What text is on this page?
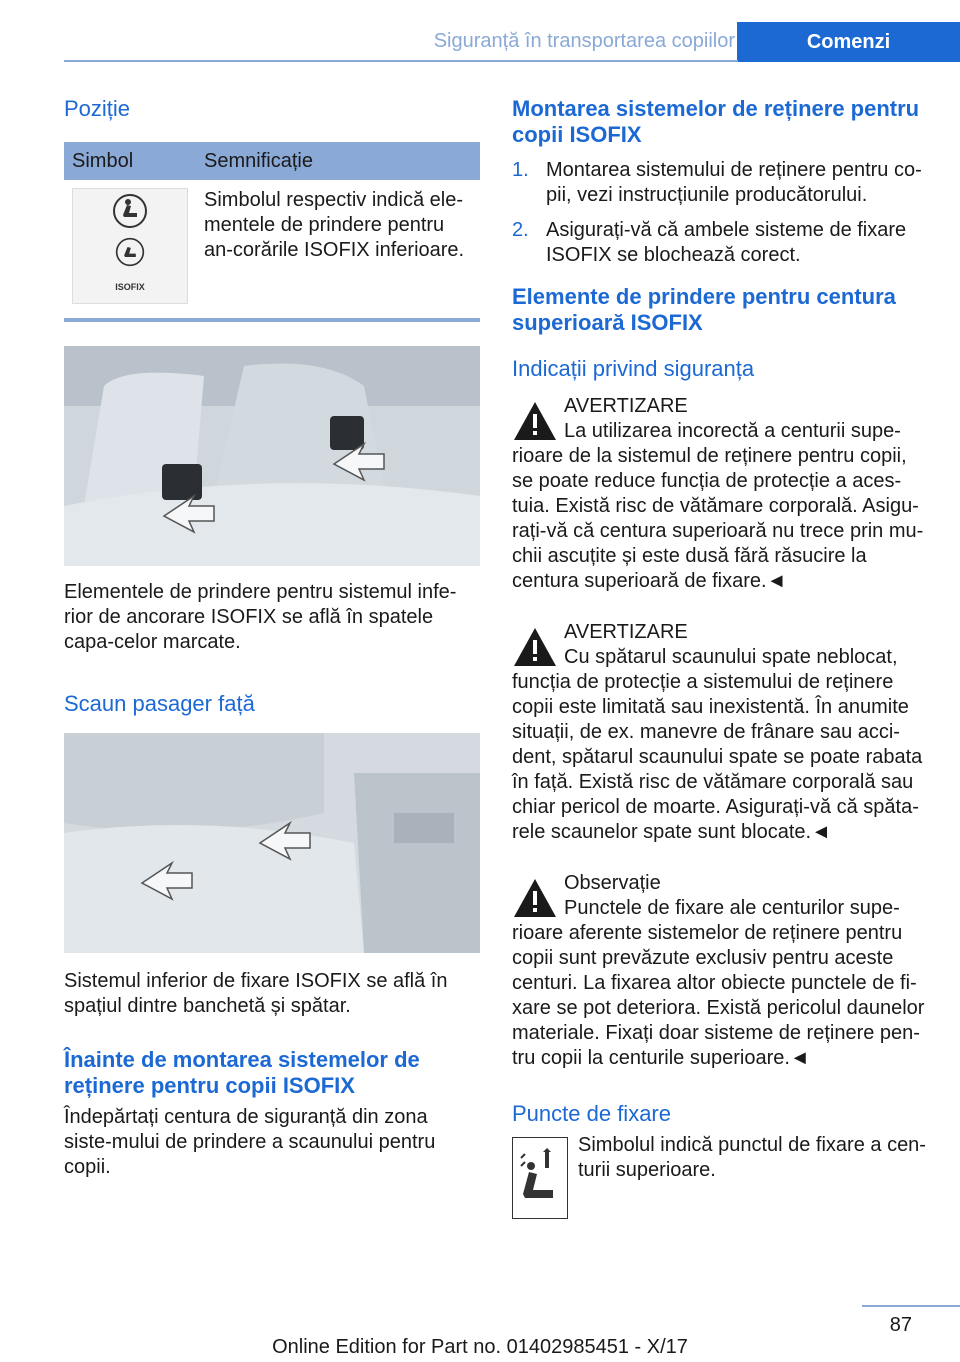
Siguranță în transportarea copiilor	Comenzi
Poziție
Simbol	Semnificație

ISOFIX	Simbolul respectiv indică ele-mentele de prindere pentru an-corările ISOFIX inferioare.

Elementele de prindere pentru sistemul infe-rior de ancorare ISOFIX se află în spatele capa-celor marcate.

Scaun pasager față

Sistemul inferior de fixare ISOFIX se află în spațiul dintre banchetă și spătar.

Înainte de montarea sistemelor de reținere pentru copii ISOFIX

Îndepărtați centura de siguranță din zona siste-mului de prindere a scaunului pentru copii.

Montarea sistemelor de reținere pentru copii ISOFIX
1. Montarea sistemului de reținere pentru co-pii, vezi instrucțiunile producătorului.
2. Asigurați-vă că ambele sisteme de fixare ISOFIX se blochează corect.
Elemente de prindere pentru centura superioară ISOFIX
Indicații privind siguranța
AVERTIZARE
La utilizarea incorectă a centurii supe-
rioare de la sistemul de reținere pentru copii, se poate reduce funcția de protecție a aces-tuia. Există risc de vătămare corporală. Asigu-rați-vă că centura superioară nu trece prin mu-chii ascuțite și este dusă fără răsucire la centura superioară de fixare.◄
AVERTIZARE
Cu spătarul scaunului spate neblocat,
funcția de protecție a sistemului de reținere copii este limitată sau inexistentă. În anumite situații, de ex. manevre de frânare sau acci-dent, spătarul scaunului spate se poate rabata în față. Există risc de vătămare corporală sau chiar pericol de moarte. Asigurați-vă că spăta-rele scaunelor spate sunt blocate.◄
Observație
Punctele de fixare ale centurilor supe-
rioare aferente sistemelor de reținere pentru copii sunt prevăzute exclusiv pentru aceste centuri. La fixarea altor obiecte punctele de fi-xare se pot deteriora. Există pericolul daunelor materiale. Fixați doar sisteme de reținere pen-tru copii la centurile superioare.◄
Puncte de fixare

Simbolul indică punctul de fixare a cen-turii superioare.

87
Online Edition for Part no. 01402985451 - X/17
